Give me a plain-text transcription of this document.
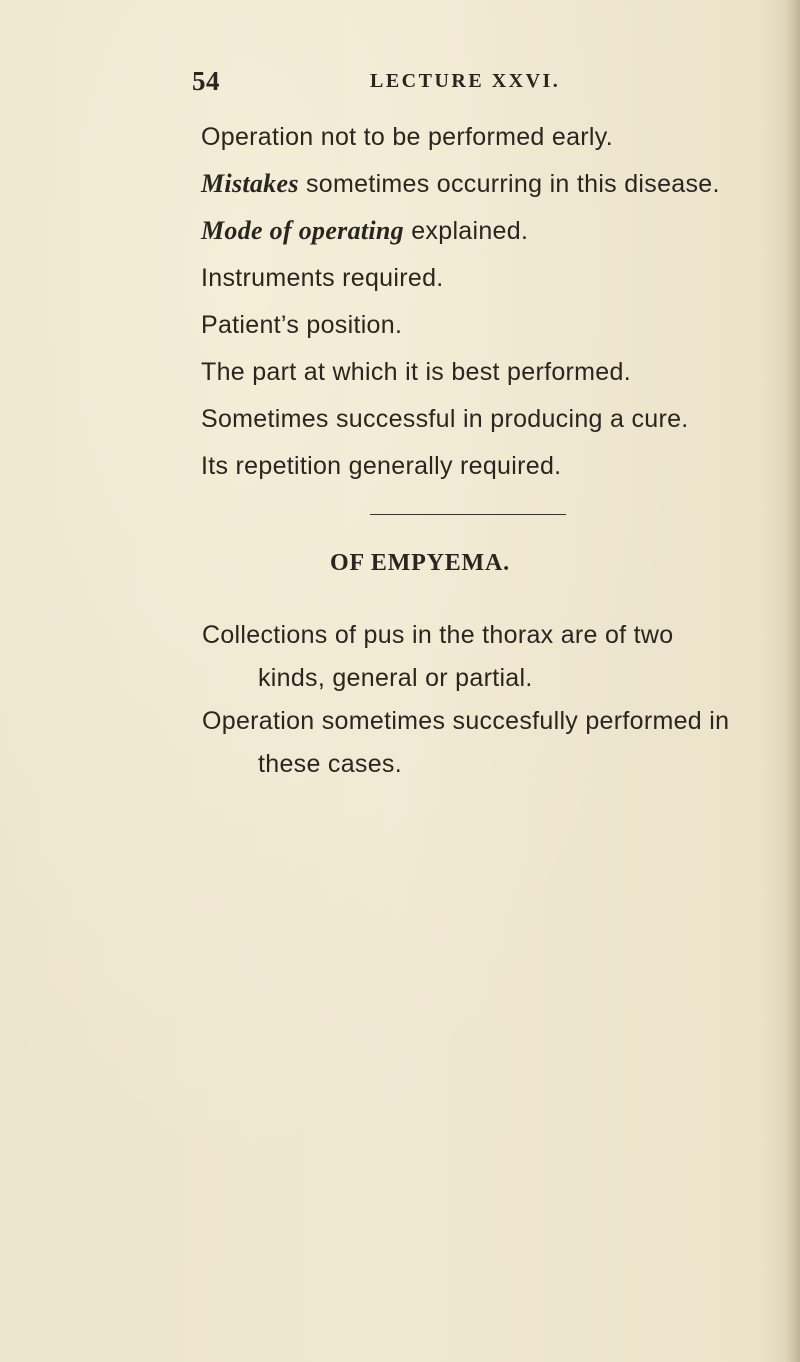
54	LECTURE XXVI.
Operation not to be performed early.
Mistakes sometimes occurring in this disease.
Mode of operating explained.
Instruments required.
Patient’s position.
The part at which it is best performed.
Sometimes successful in producing a cure.
Its repetition generally required.
OF EMPYEMA.
Collections of pus in the thorax are of two
kinds, general or partial.
Operation sometimes succesfully performed in
these cases.
